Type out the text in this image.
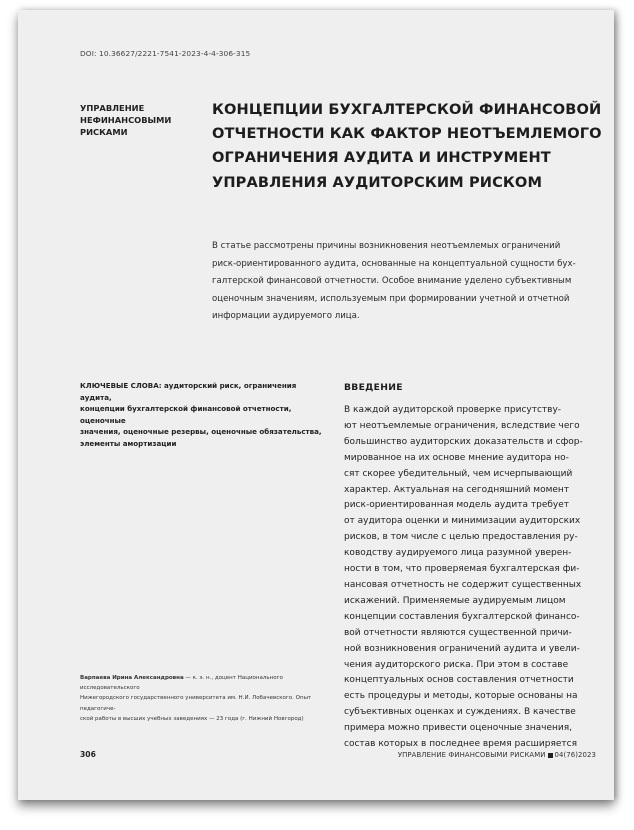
DOI: 10.36627/2221-7541-2023-4-4-306-315
УПРАВЛЕНИЕ
НЕФИНАНСОВЫМИ
РИСКАМИ
КОНЦЕПЦИИ БУХГАЛТЕРСКОЙ ФИНАНСОВОЙ
ОТЧЕТНОСТИ КАК ФАКТОР НЕОТЪЕМЛЕМОГО
ОГРАНИЧЕНИЯ АУДИТА И ИНСТРУМЕНТ
УПРАВЛЕНИЯ АУДИТОРСКИМ РИСКОМ
В статье рассмотрены причины возникновения неотъемлемых ограничений
риск-ориентированного аудита, основанные на концептуальной сущности бух-
галтерской финансовой отчетности. Особое внимание уделено субъективным
оценочным значениям, используемым при формировании учетной и отчетной
информации аудируемого лица.
КЛЮЧЕВЫЕ СЛОВА: аудиторский риск, ограничения аудита,
концепции бухгалтерской финансовой отчетности, оценочные
значения, оценочные резервы, оценочные обязательства,
элементы амортизации
Варпаева Ирина Александровна — к. э. н., доцент Национального исследовательского
Нижегородского государственного университета им. Н.И. Лобачевского. Опыт педагогиче-
ской работы в высших учебных заведениях — 23 года (г. Нижний Новгород)
ВВЕДЕНИЕ
В каждой аудиторской проверке присутству-
ют неотъемлемые ограничения, вследствие чего
большинство аудиторских доказательств и сфор-
мированное на их основе мнение аудитора но-
сят скорее убедительный, чем исчерпывающий
характер. Актуальная на сегодняшний момент
риск-ориентированная модель аудита требует
от аудитора оценки и минимизации аудиторских
рисков, в том числе с целью предоставления ру-
ководству аудируемого лица разумной уверен-
ности в том, что проверяемая бухгалтерская фи-
нансовая отчетность не содержит существенных
искажений. Применяемые аудируемым лицом
концепции составления бухгалтерской финансо-
вой отчетности являются существенной причи-
ной возникновения ограничений аудита и увели-
чения аудиторского риска. При этом в составе
концептуальных основ составления отчетности
есть процедуры и методы, которые основаны на
субъективных оценках и суждениях. В качестве
примера можно привести оценочные значения,
состав которых в последнее время расширяется
306	УПРАВЛЕНИЕ ФИНАНСОВЫМИ РИСКАМИ 04(76)2023
